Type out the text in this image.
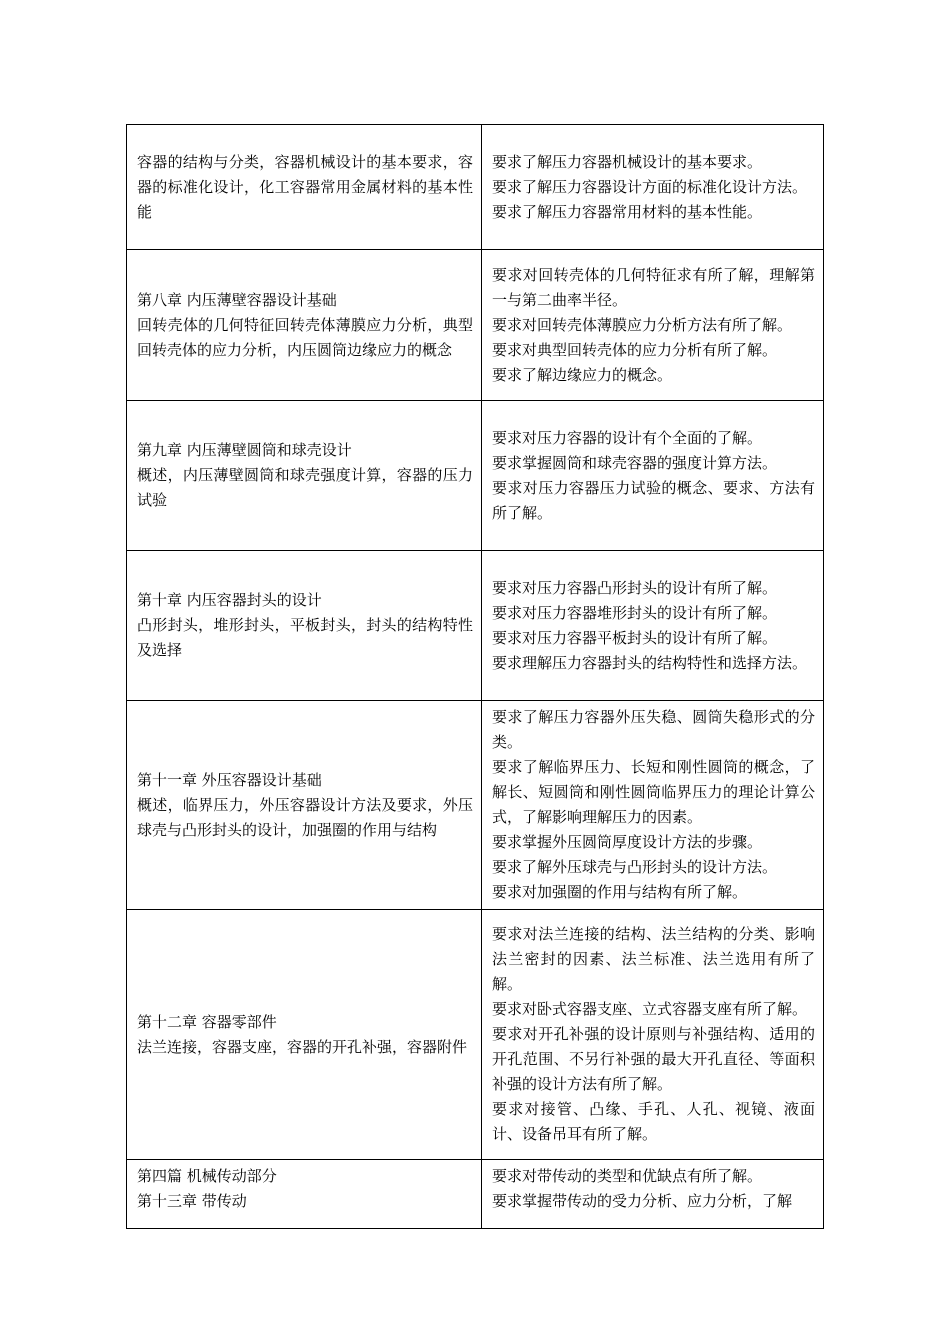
容器的结构与分类，容器机械设计的基本要求，容器的标准化设计，化工容器常用金属材料的基本性能	要求了解压力容器机械设计的基本要求。
要求了解压力容器设计方面的标准化设计方法。
要求了解压力容器常用材料的基本性能。

第八章 内压薄壁容器设计基础
回转壳体的几何特征回转壳体薄膜应力分析，典型回转壳体的应力分析，内压圆筒边缘应力的概念	要求对回转壳体的几何特征求有所了解，理解第一与第二曲率半径。
要求对回转壳体薄膜应力分析方法有所了解。
要求对典型回转壳体的应力分析有所了解。
要求了解边缘应力的概念。

第九章 内压薄壁圆筒和球壳设计
概述，内压薄壁圆筒和球壳强度计算，容器的压力试验	要求对压力容器的设计有个全面的了解。
要求掌握圆筒和球壳容器的强度计算方法。
要求对压力容器压力试验的概念、要求、方法有所了解。

第十章 内压容器封头的设计
凸形封头，堆形封头，平板封头，封头的结构特性及选择	要求对压力容器凸形封头的设计有所了解。
要求对压力容器堆形封头的设计有所了解。
要求对压力容器平板封头的设计有所了解。
要求理解压力容器封头的结构特性和选择方法。

第十一章 外压容器设计基础
概述，临界压力，外压容器设计方法及要求，外压球壳与凸形封头的设计，加强圈的作用与结构	要求了解压力容器外压失稳、圆筒失稳形式的分类。
要求了解临界压力、长短和刚性圆筒的概念，了解长、短圆筒和刚性圆筒临界压力的理论计算公式，了解影响理解压力的因素。
要求掌握外压圆筒厚度设计方法的步骤。
要求了解外压球壳与凸形封头的设计方法。
要求对加强圈的作用与结构有所了解。

第十二章 容器零部件
法兰连接，容器支座，容器的开孔补强，容器附件	要求对法兰连接的结构、法兰结构的分类、影响法兰密封的因素、法兰标准、法兰选用有所了解。
要求对卧式容器支座、立式容器支座有所了解。
要求对开孔补强的设计原则与补强结构、适用的开孔范围、不另行补强的最大开孔直径、等面积补强的设计方法有所了解。
要求对接管、凸缘、手孔、人孔、视镜、液面计、设备吊耳有所了解。

第四篇 机械传动部分
第十三章 带传动	要求对带传动的类型和优缺点有所了解。
要求掌握带传动的受力分析、应力分析，了解
